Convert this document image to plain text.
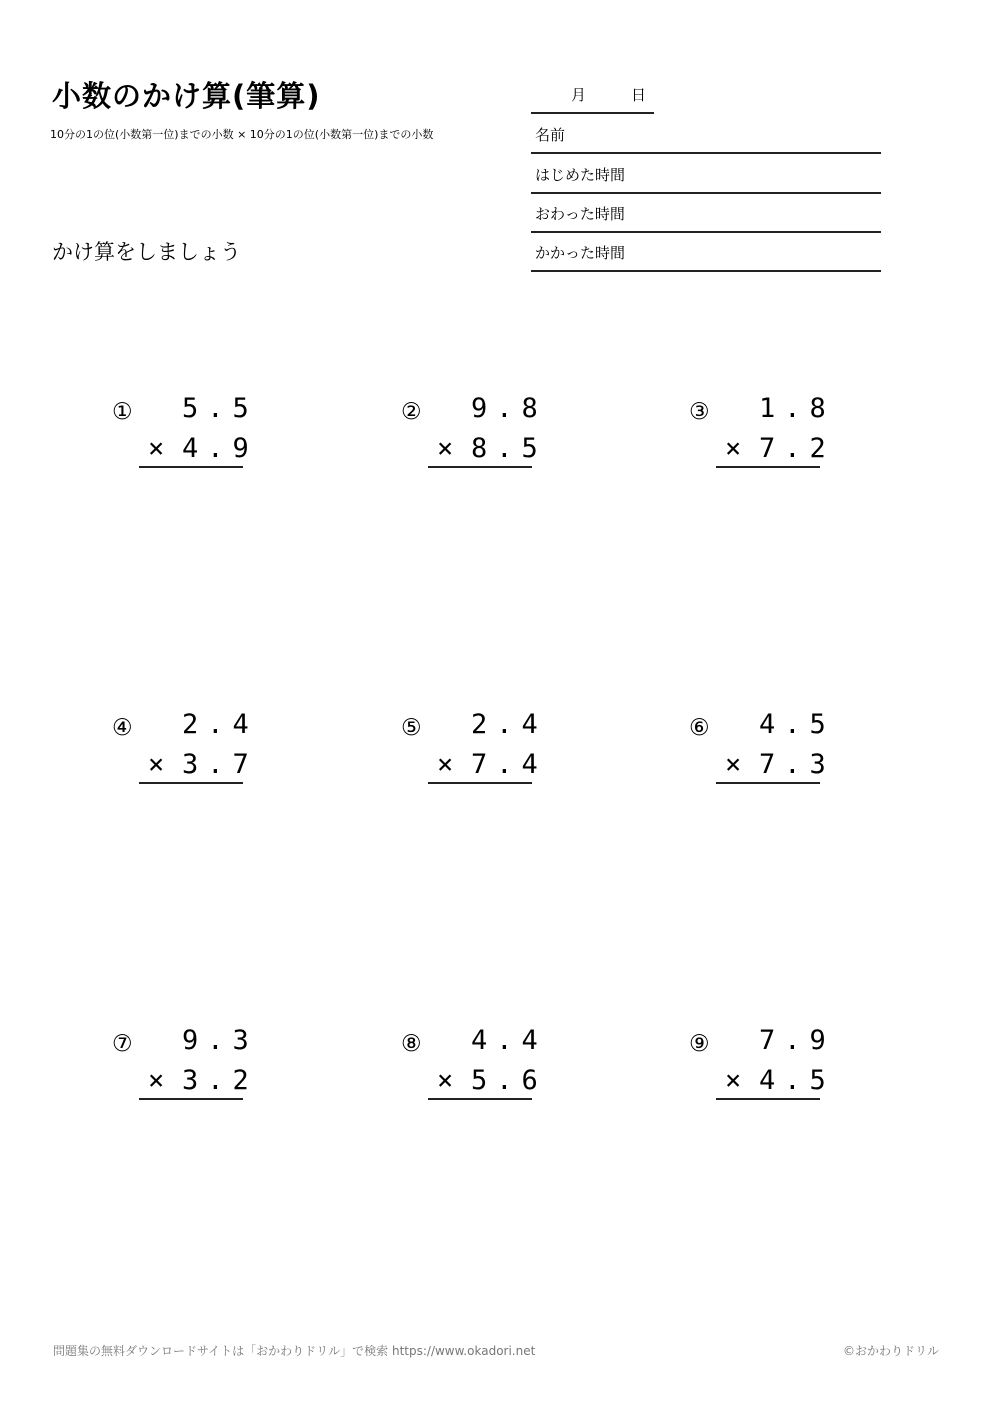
小数のかけ算(筆算)
10分の1の位(小数第一位)までの小数 × 10分の1の位(小数第一位)までの小数
かけ算をしましょう
月	日
名前
はじめた時間
おわった時間
かかった時間
① 5.5
× 4.9
② 9.8
× 8.5
③ 1.8
× 7.2
④ 2.4
× 3.7
⑤ 2.4
× 7.4
⑥ 4.5
× 7.3
⑦ 9.3
× 3.2
⑧ 4.4
× 5.6
⑨ 7.9
× 4.5
問題集の無料ダウンロードサイトは「おかわりドリル」で検索 https://www.okadori.net	©おかわりドリル
